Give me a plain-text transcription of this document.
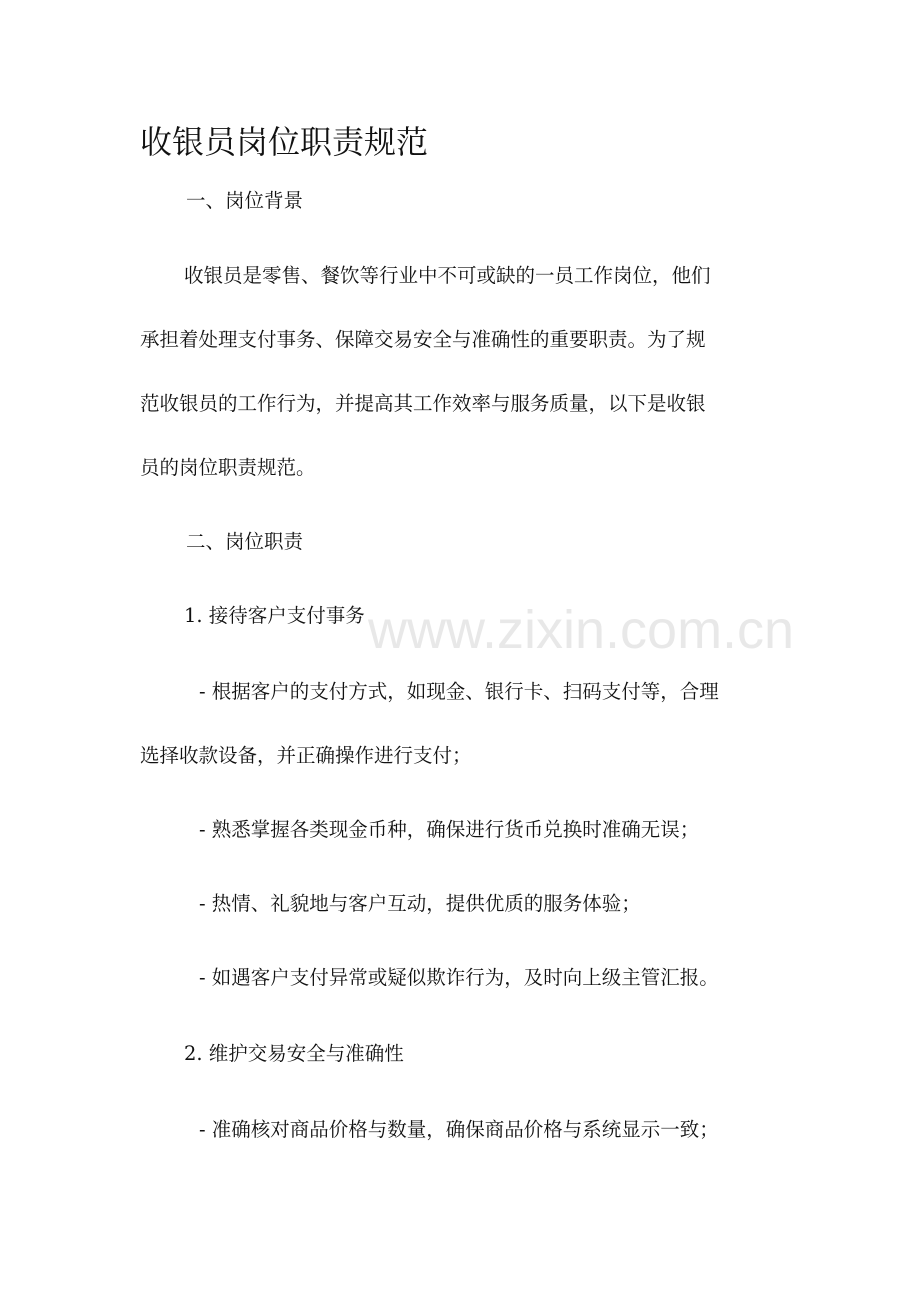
收银员岗位职责规范

一、岗位背景

收银员是零售、餐饮等行业中不可或缺的一员工作岗位，他们

承担着处理支付事务、保障交易安全与准确性的重要职责。为了规

范收银员的工作行为，并提高其工作效率与服务质量，以下是收银

员的岗位职责规范。

二、岗位职责

1. 接待客户支付事务

- 根据客户的支付方式，如现金、银行卡、扫码支付等，合理

选择收款设备，并正确操作进行支付；

- 熟悉掌握各类现金币种，确保进行货币兑换时准确无误；

- 热情、礼貌地与客户互动，提供优质的服务体验；

- 如遇客户支付异常或疑似欺诈行为，及时向上级主管汇报。

2. 维护交易安全与准确性

- 准确核对商品价格与数量，确保商品价格与系统显示一致；

www.zixin.com.cn
